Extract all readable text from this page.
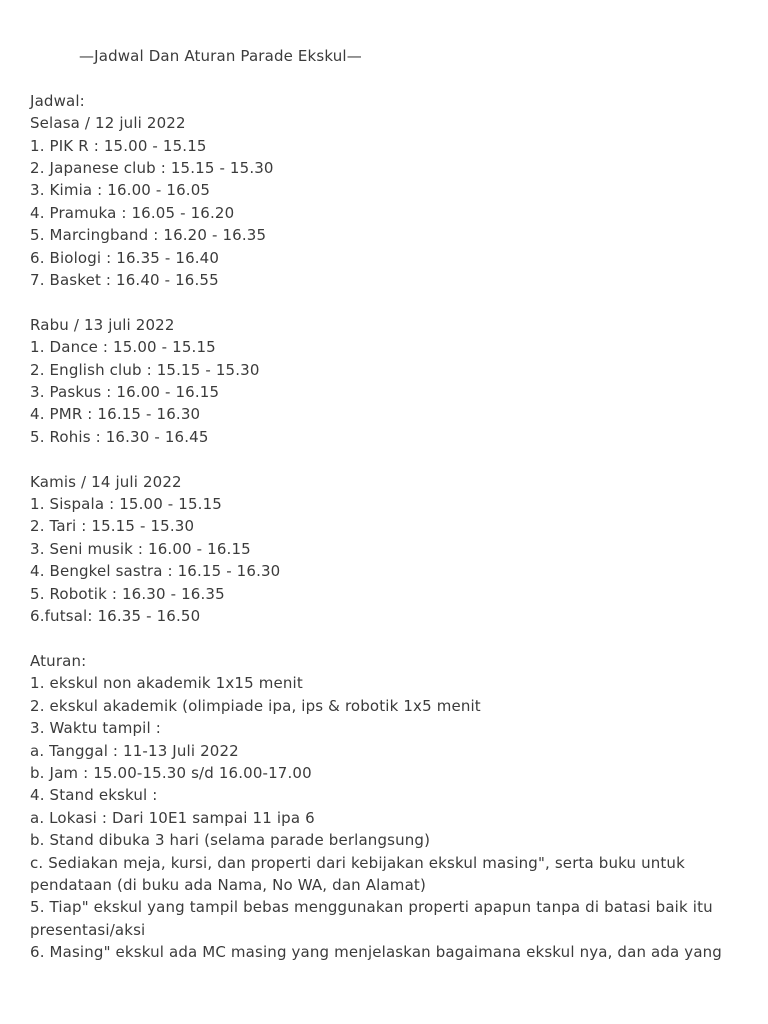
—Jadwal Dan Aturan Parade Ekskul—

Jadwal:

Selasa / 12 juli 2022

1. PIK R : 15.00 - 15.15

2. Japanese club : 15.15 - 15.30

3. Kimia : 16.00 - 16.05

4. Pramuka : 16.05 - 16.20

5. Marcingband : 16.20 - 16.35

6. Biologi : 16.35 - 16.40

7. Basket : 16.40 - 16.55

Rabu / 13 juli 2022

1. Dance : 15.00 - 15.15

2. English club : 15.15 - 15.30

3. Paskus : 16.00 - 16.15

4. PMR : 16.15 - 16.30

5. Rohis : 16.30 - 16.45

Kamis / 14 juli 2022

1. Sispala : 15.00 - 15.15

2. Tari : 15.15 - 15.30

3. Seni musik : 16.00 - 16.15

4. Bengkel sastra : 16.15 - 16.30

5. Robotik : 16.30 - 16.35

6.futsal: 16.35 - 16.50

Aturan:

1. ekskul non akademik 1x15 menit

2. ekskul akademik (olimpiade ipa, ips & robotik 1x5 menit

3. Waktu tampil :

a. Tanggal : 11-13 Juli 2022

b. Jam : 15.00-15.30 s/d 16.00-17.00

4. Stand ekskul :

a. Lokasi : Dari 10E1 sampai 11 ipa 6

b. Stand dibuka 3 hari (selama parade berlangsung)

c. Sediakan meja, kursi, dan properti dari kebijakan ekskul masing", serta buku untuk pendataan (di buku ada Nama, No WA, dan Alamat)

5. Tiap" ekskul yang tampil bebas menggunakan properti apapun tanpa di batasi baik itu presentasi/aksi

6. Masing" ekskul ada MC masing yang menjelaskan bagaimana ekskul nya, dan ada yang
